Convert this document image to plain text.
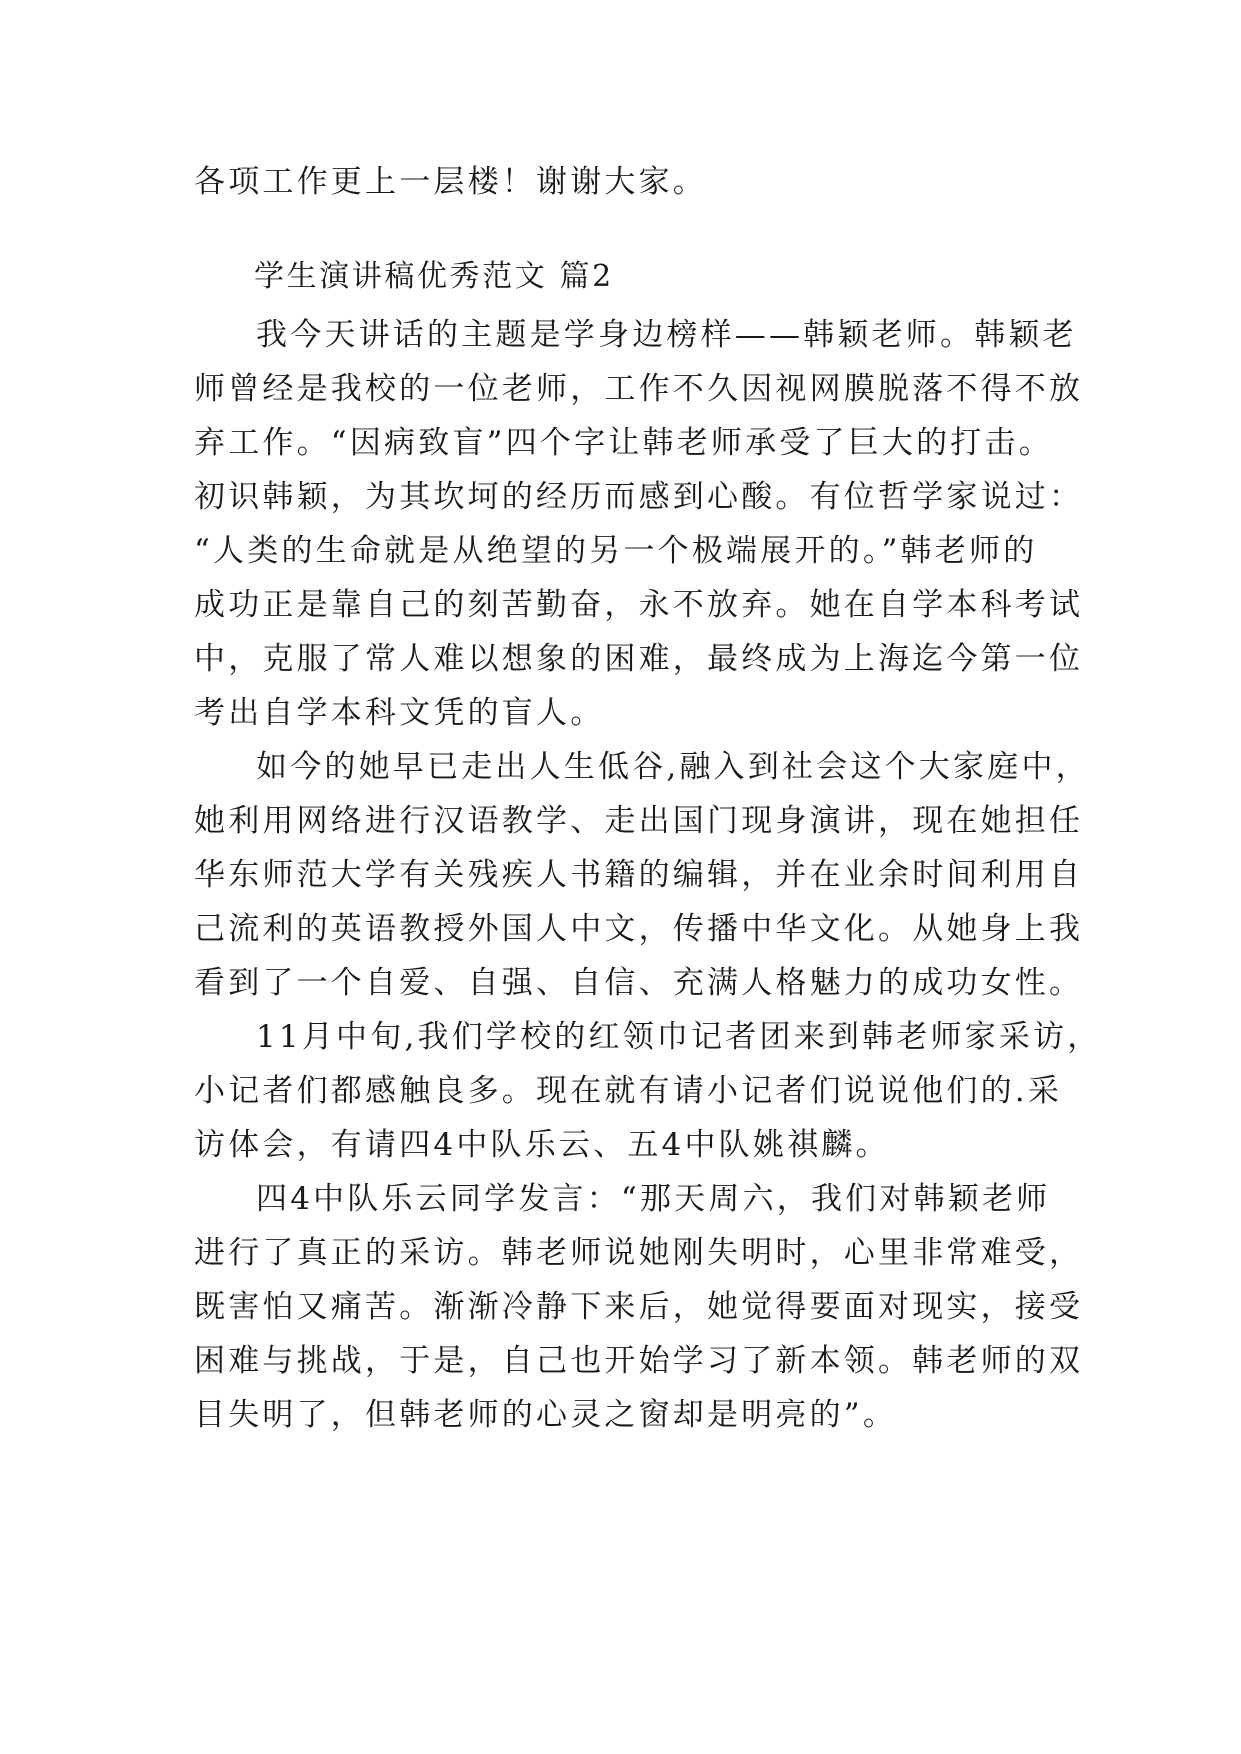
各项工作更上一层楼！谢谢大家。
学生演讲稿优秀范文 篇2
我今天讲话的主题是学身边榜样——韩颖老师。韩颖老
师曾经是我校的一位老师，工作不久因视网膜脱落不得不放
弃工作。“因病致盲”四个字让韩老师承受了巨大的打击。
初识韩颖，为其坎坷的经历而感到心酸。有位哲学家说过：
“人类的生命就是从绝望的另一个极端展开的。”韩老师的
成功正是靠自己的刻苦勤奋，永不放弃。她在自学本科考试
中，克服了常人难以想象的困难，最终成为上海迄今第一位
考出自学本科文凭的盲人。
如今的她早已走出人生低谷,融入到社会这个大家庭中，
她利用网络进行汉语教学、走出国门现身演讲，现在她担任
华东师范大学有关残疾人书籍的编辑，并在业余时间利用自
己流利的英语教授外国人中文，传播中华文化。从她身上我
看到了一个自爱、自强、自信、充满人格魅力的成功女性。
11月中旬,我们学校的红领巾记者团来到韩老师家采访，
小记者们都感触良多。现在就有请小记者们说说他们的.采
访体会，有请四4中队乐云、五4中队姚祺麟。
四4中队乐云同学发言：“那天周六，我们对韩颖老师
进行了真正的采访。韩老师说她刚失明时，心里非常难受，
既害怕又痛苦。渐渐冷静下来后，她觉得要面对现实，接受
困难与挑战，于是，自己也开始学习了新本领。韩老师的双
目失明了，但韩老师的心灵之窗却是明亮的”。
